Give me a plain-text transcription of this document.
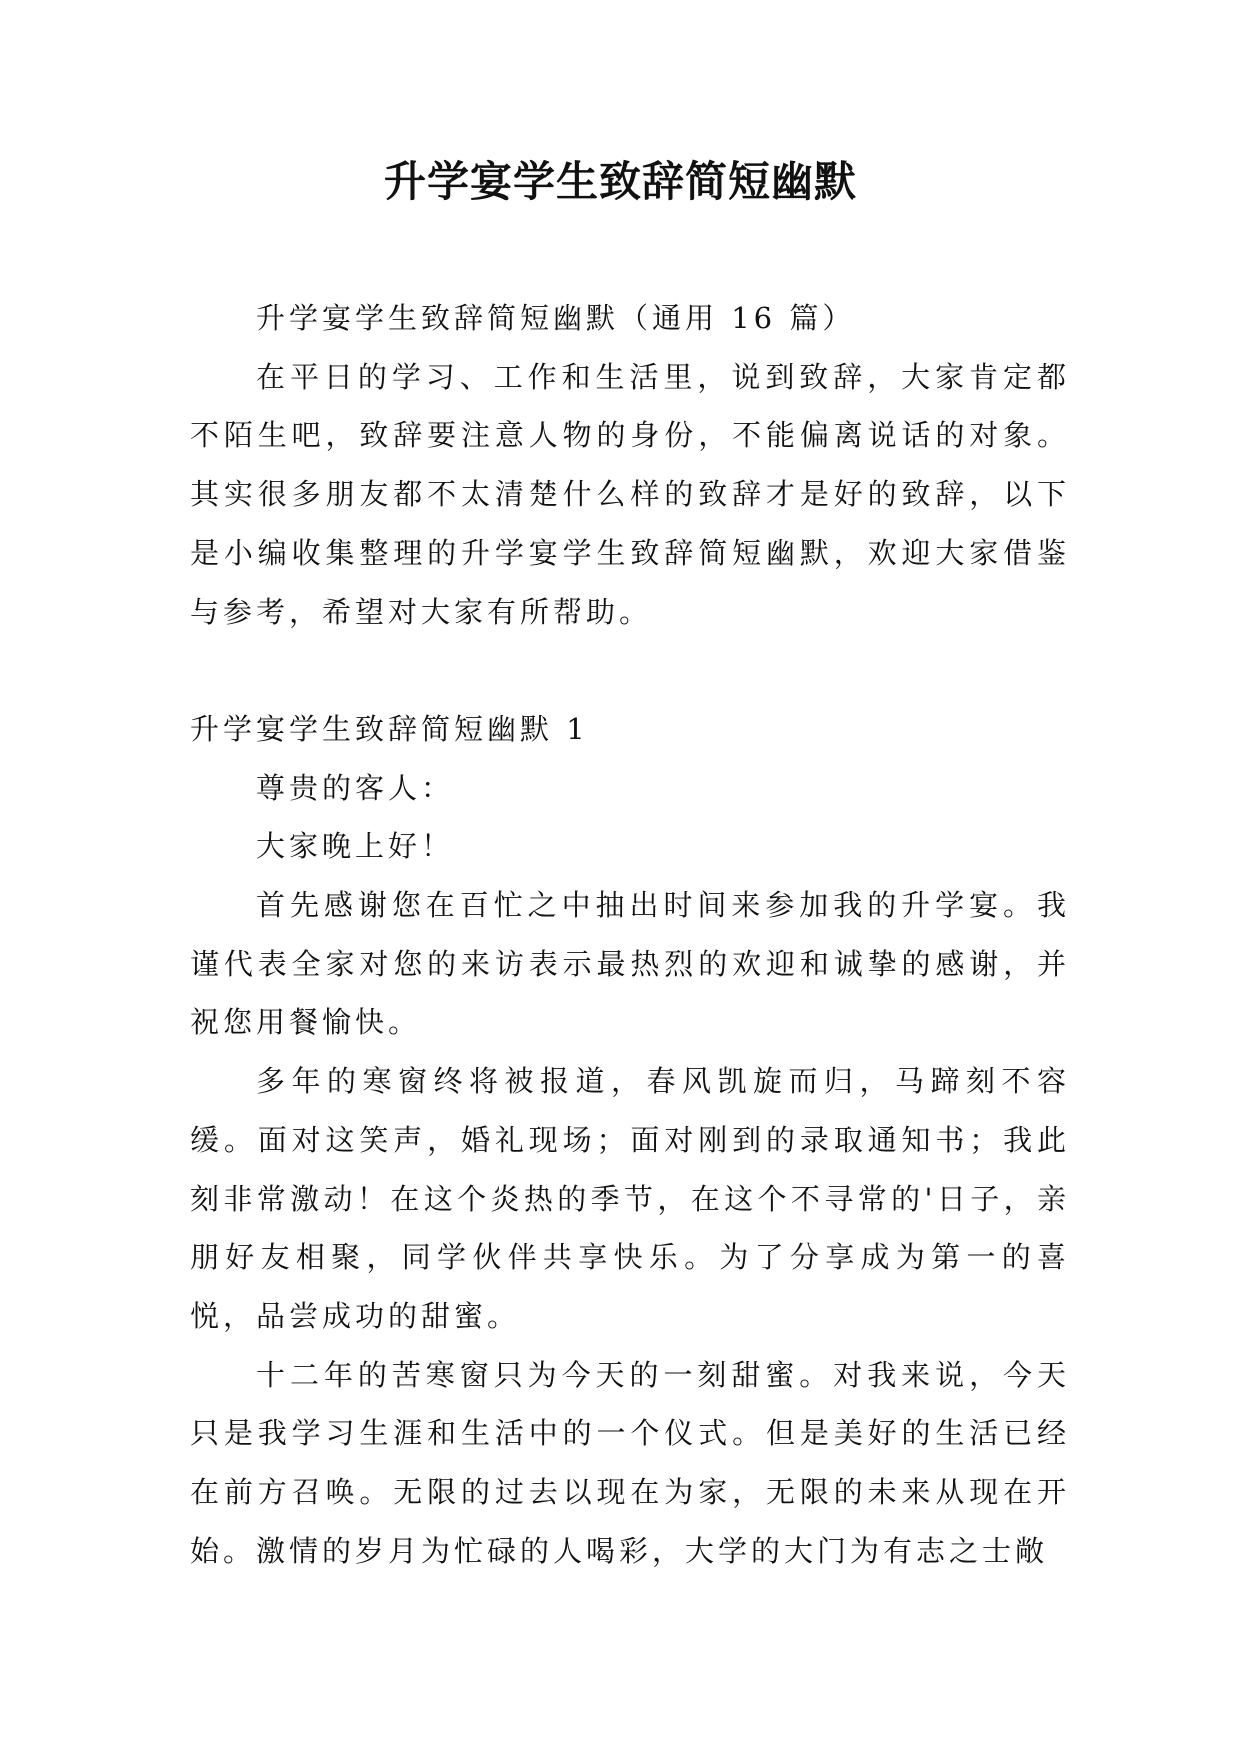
升学宴学生致辞简短幽默

升学宴学生致辞简短幽默（通用 16 篇）

在平日的学习、工作和生活里，说到致辞，大家肯定都不陌生吧，致辞要注意人物的身份，不能偏离说话的对象。其实很多朋友都不太清楚什么样的致辞才是好的致辞，以下是小编收集整理的升学宴学生致辞简短幽默，欢迎大家借鉴与参考，希望对大家有所帮助。

升学宴学生致辞简短幽默 1

尊贵的客人：

大家晚上好！

首先感谢您在百忙之中抽出时间来参加我的升学宴。我谨代表全家对您的来访表示最热烈的欢迎和诚挚的感谢，并祝您用餐愉快。

多年的寒窗终将被报道，春风凯旋而归，马蹄刻不容缓。面对这笑声，婚礼现场；面对刚到的录取通知书；我此刻非常激动！在这个炎热的季节，在这个不寻常的'日子，亲朋好友相聚，同学伙伴共享快乐。为了分享成为第一的喜悦，品尝成功的甜蜜。

十二年的苦寒窗只为今天的一刻甜蜜。对我来说，今天只是我学习生涯和生活中的一个仪式。但是美好的生活已经在前方召唤。无限的过去以现在为家，无限的未来从现在开始。激情的岁月为忙碌的人喝彩，大学的大门为有志之士敞
